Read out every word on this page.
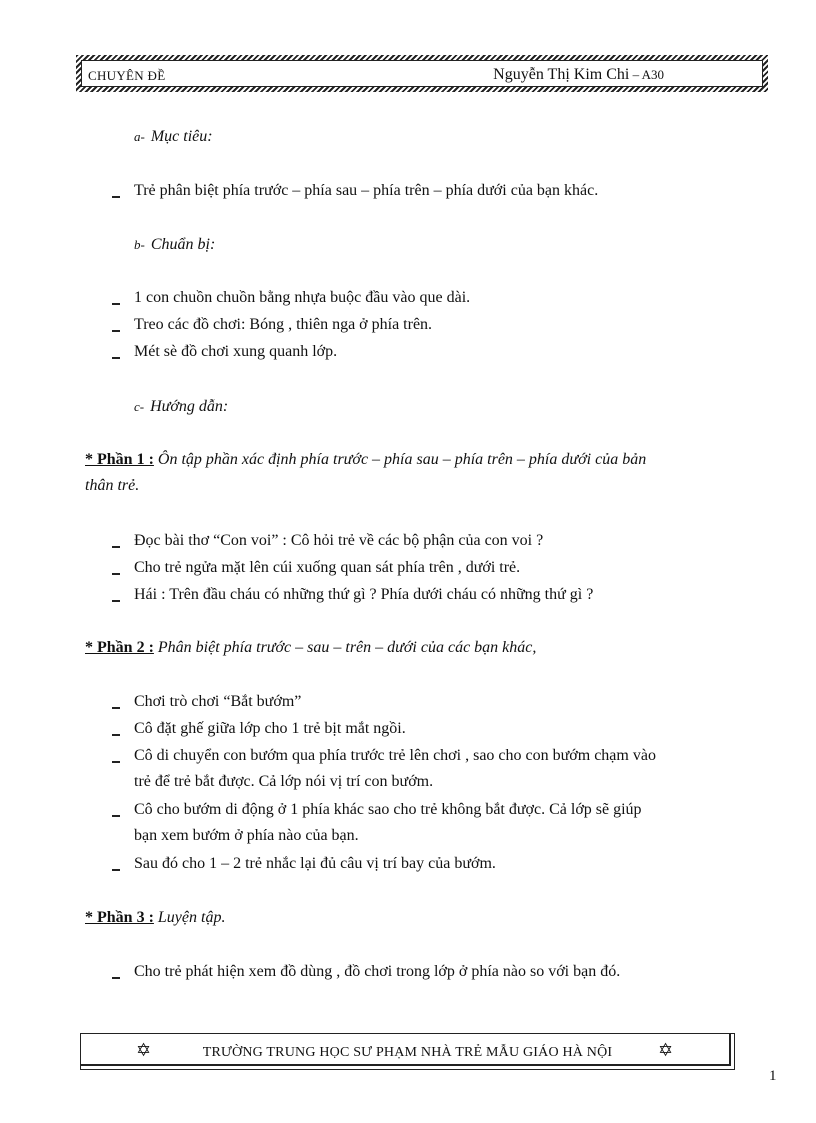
CHUYÊN ĐỀ	Nguyễn Thị Kim Chi – A30
a- Mục tiêu:
Trẻ phân biệt phía trước – phía sau – phía trên – phía dưới của bạn khác.
b- Chuẩn bị:
1 con chuồn chuồn bằng nhựa buộc đầu vào que dài.
Treo các đồ chơi: Bóng , thiên nga ở phía trên.
Mét sè đồ chơi xung quanh lớp.
c- Hướng dẫn:
* Phần 1 : Ôn tập phần xác định phía trước – phía sau – phía trên – phía dưới của bản
thân trẻ.
Đọc bài thơ “Con voi” : Cô hỏi trẻ về các bộ phận của con voi ?
Cho trẻ ngửa mặt lên cúi xuống quan sát phía trên , dưới trẻ.
Hái : Trên đầu cháu có những thứ gì ? Phía dưới cháu có những thứ gì ?
* Phần 2 : Phân biệt phía trước – sau – trên – dưới của các bạn khác,
Chơi trò chơi “Bắt bướm”
Cô đặt ghế giữa lớp cho 1 trẻ bịt mắt ngồi.
Cô di chuyển con bướm qua phía trước trẻ lên chơi , sao cho con bướm chạm vào
trẻ để trẻ bắt được. Cả lớp nói vị trí con bướm.
Cô cho bướm di động ở 1 phía khác sao cho trẻ không bắt được. Cả lớp sẽ giúp
bạn xem bướm ở phía nào của bạn.
Sau đó cho 1 – 2 trẻ nhắc lại đủ câu vị trí bay của bướm.
* Phần 3 : Luyện tập.
Cho trẻ phát hiện xem đồ dùng , đồ chơi trong lớp ở phía nào so với bạn đó.
✡	TRƯỜNG TRUNG HỌC SƯ PHẠM NHÀ TRẺ MẪU GIÁO HÀ NỘI	✡
1
